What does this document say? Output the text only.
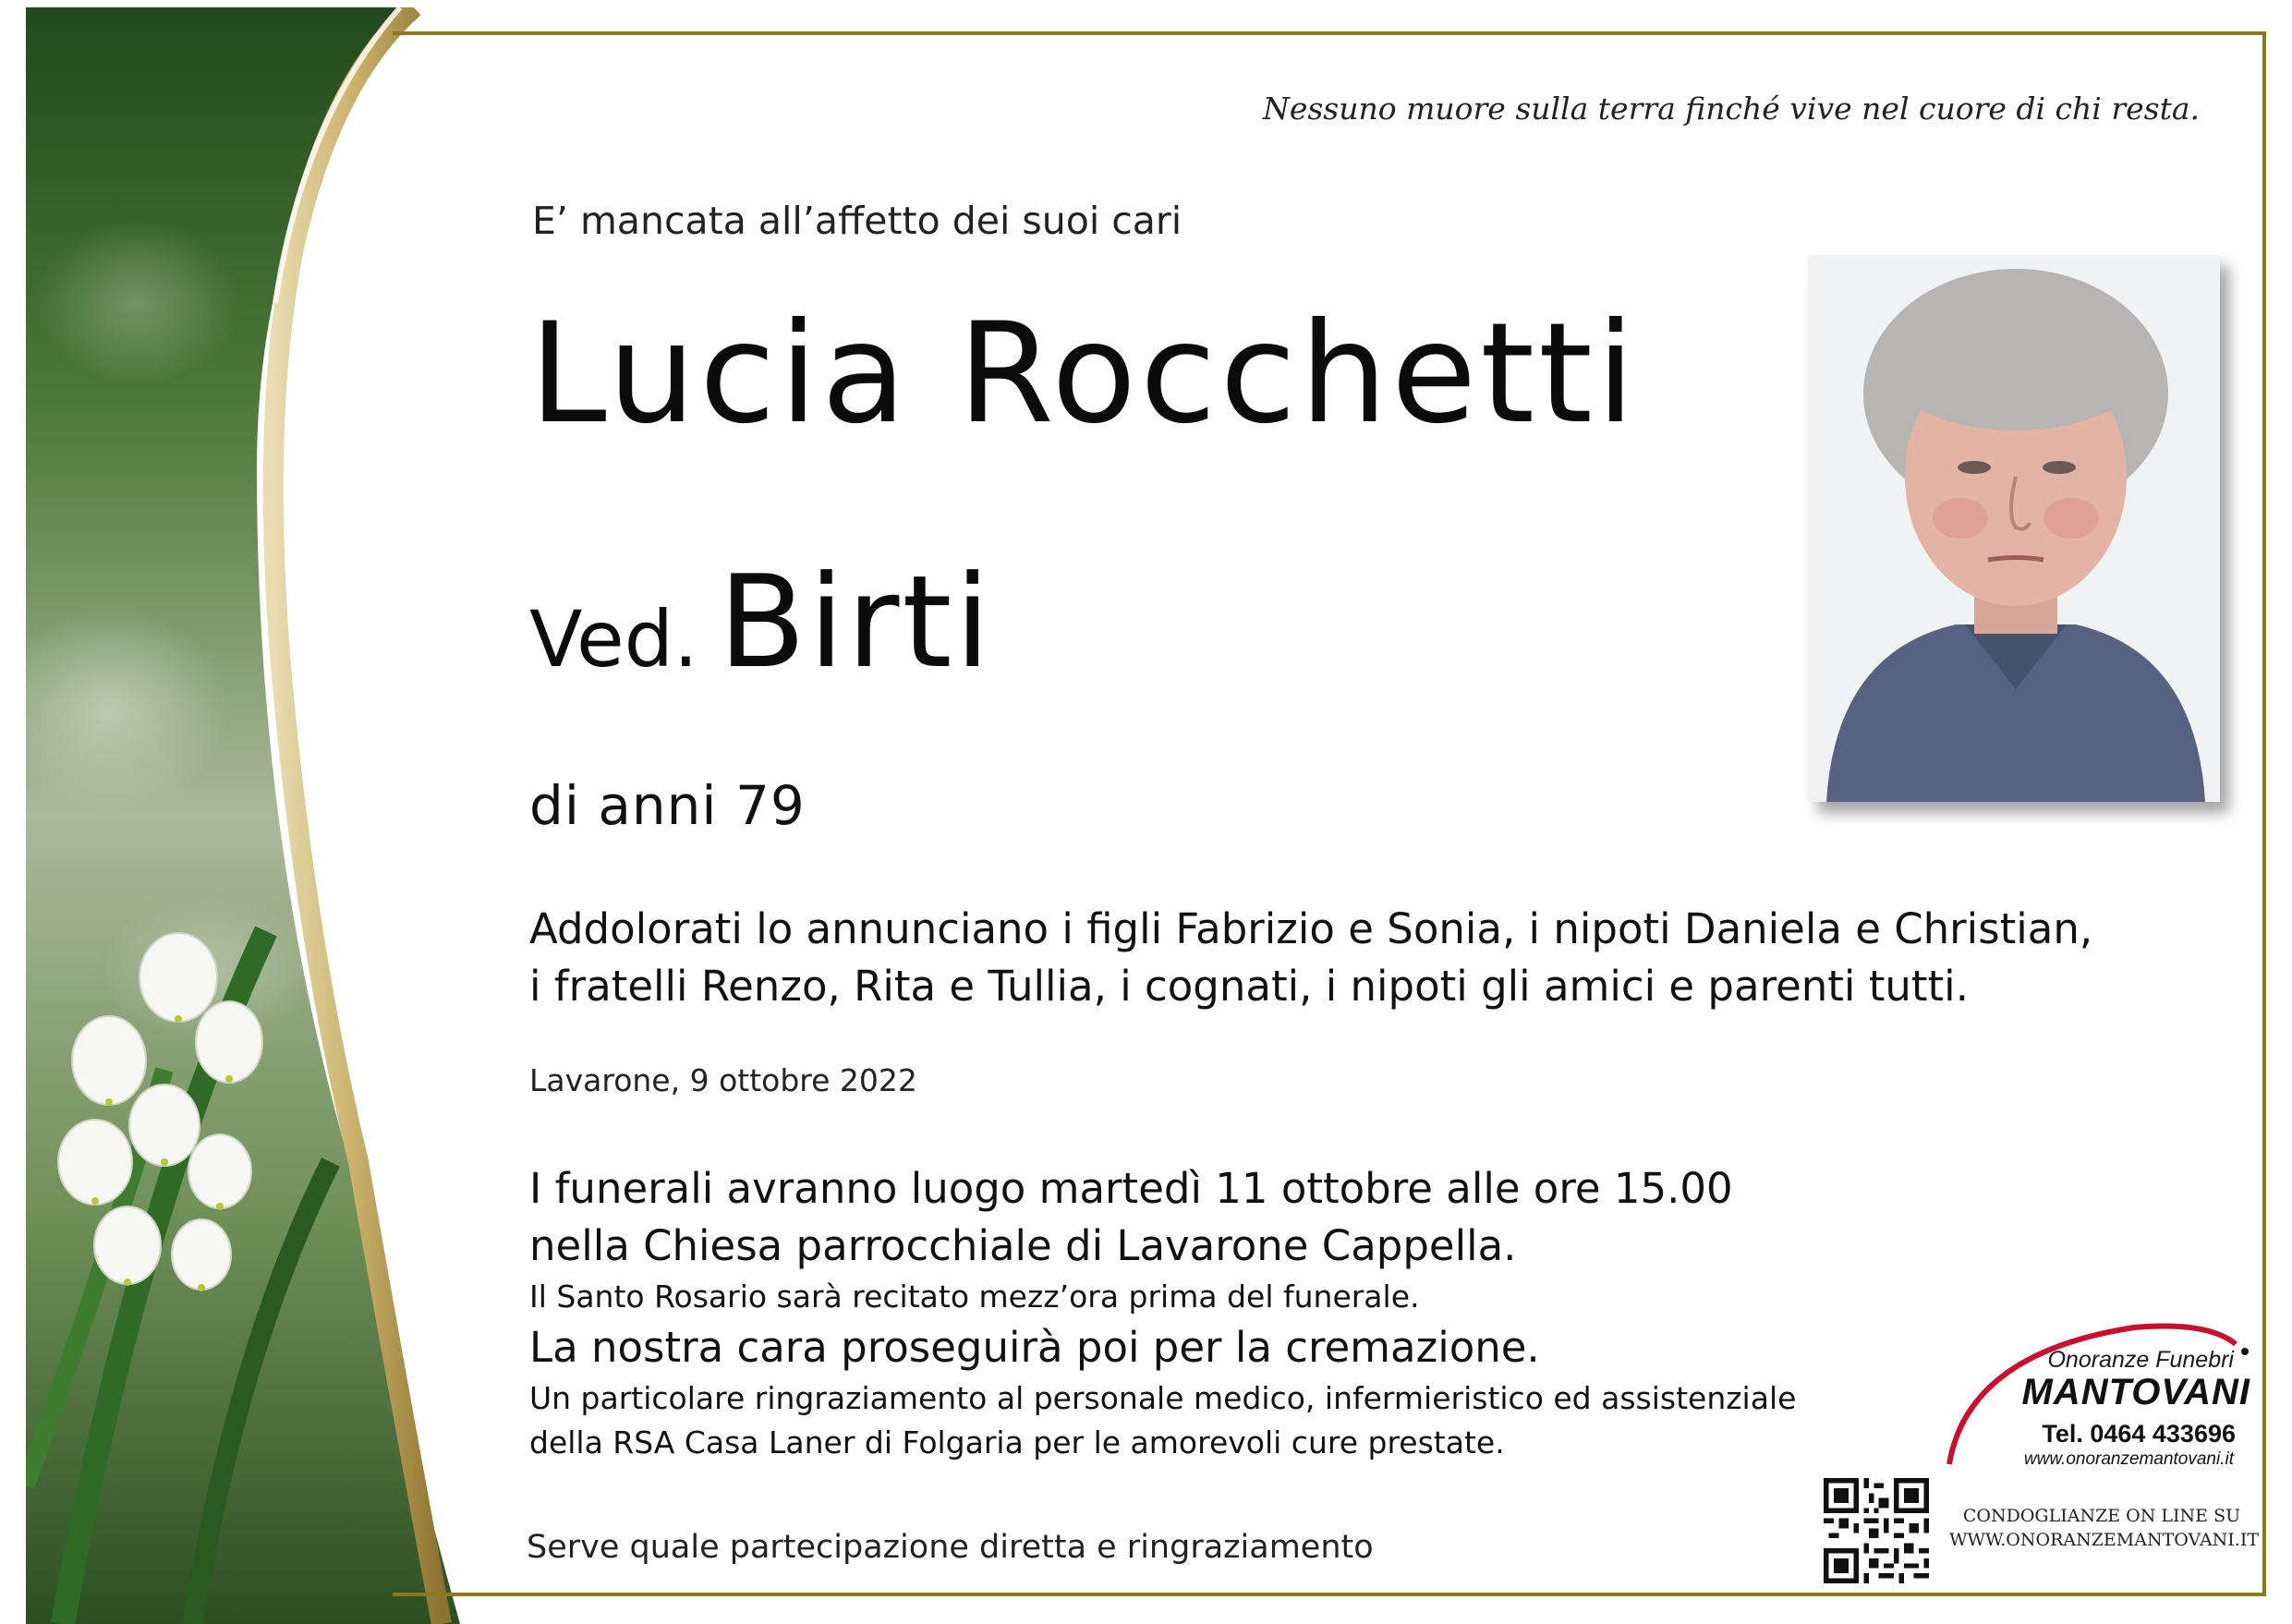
Nessuno muore sulla terra finché vive nel cuore di chi resta.
E’ mancata all’affetto dei suoi cari
Lucia Rocchetti
Ved. Birti
di anni 79
Addolorati lo annunciano i figli Fabrizio e Sonia, i nipoti Daniela e Christian,
i fratelli Renzo, Rita e Tullia, i cognati, i nipoti gli amici e parenti tutti.
Lavarone, 9 ottobre 2022
I funerali avranno luogo martedì 11 ottobre alle ore 15.00
nella Chiesa parrocchiale di Lavarone Cappella.
Il Santo Rosario sarà recitato mezz’ora prima del funerale.
La nostra cara proseguirà poi per la cremazione.
Un particolare ringraziamento al personale medico, infermieristico ed assistenziale
della RSA Casa Laner di Folgaria per le amorevoli cure prestate.
Serve quale partecipazione diretta e ringraziamento
Onoranze Funebri
MANTOVANI
Tel. 0464 433696
www.onoranzemantovani.it
CONDOGLIANZE ON LINE SU
WWW.ONORANZEMANTOVANI.IT
